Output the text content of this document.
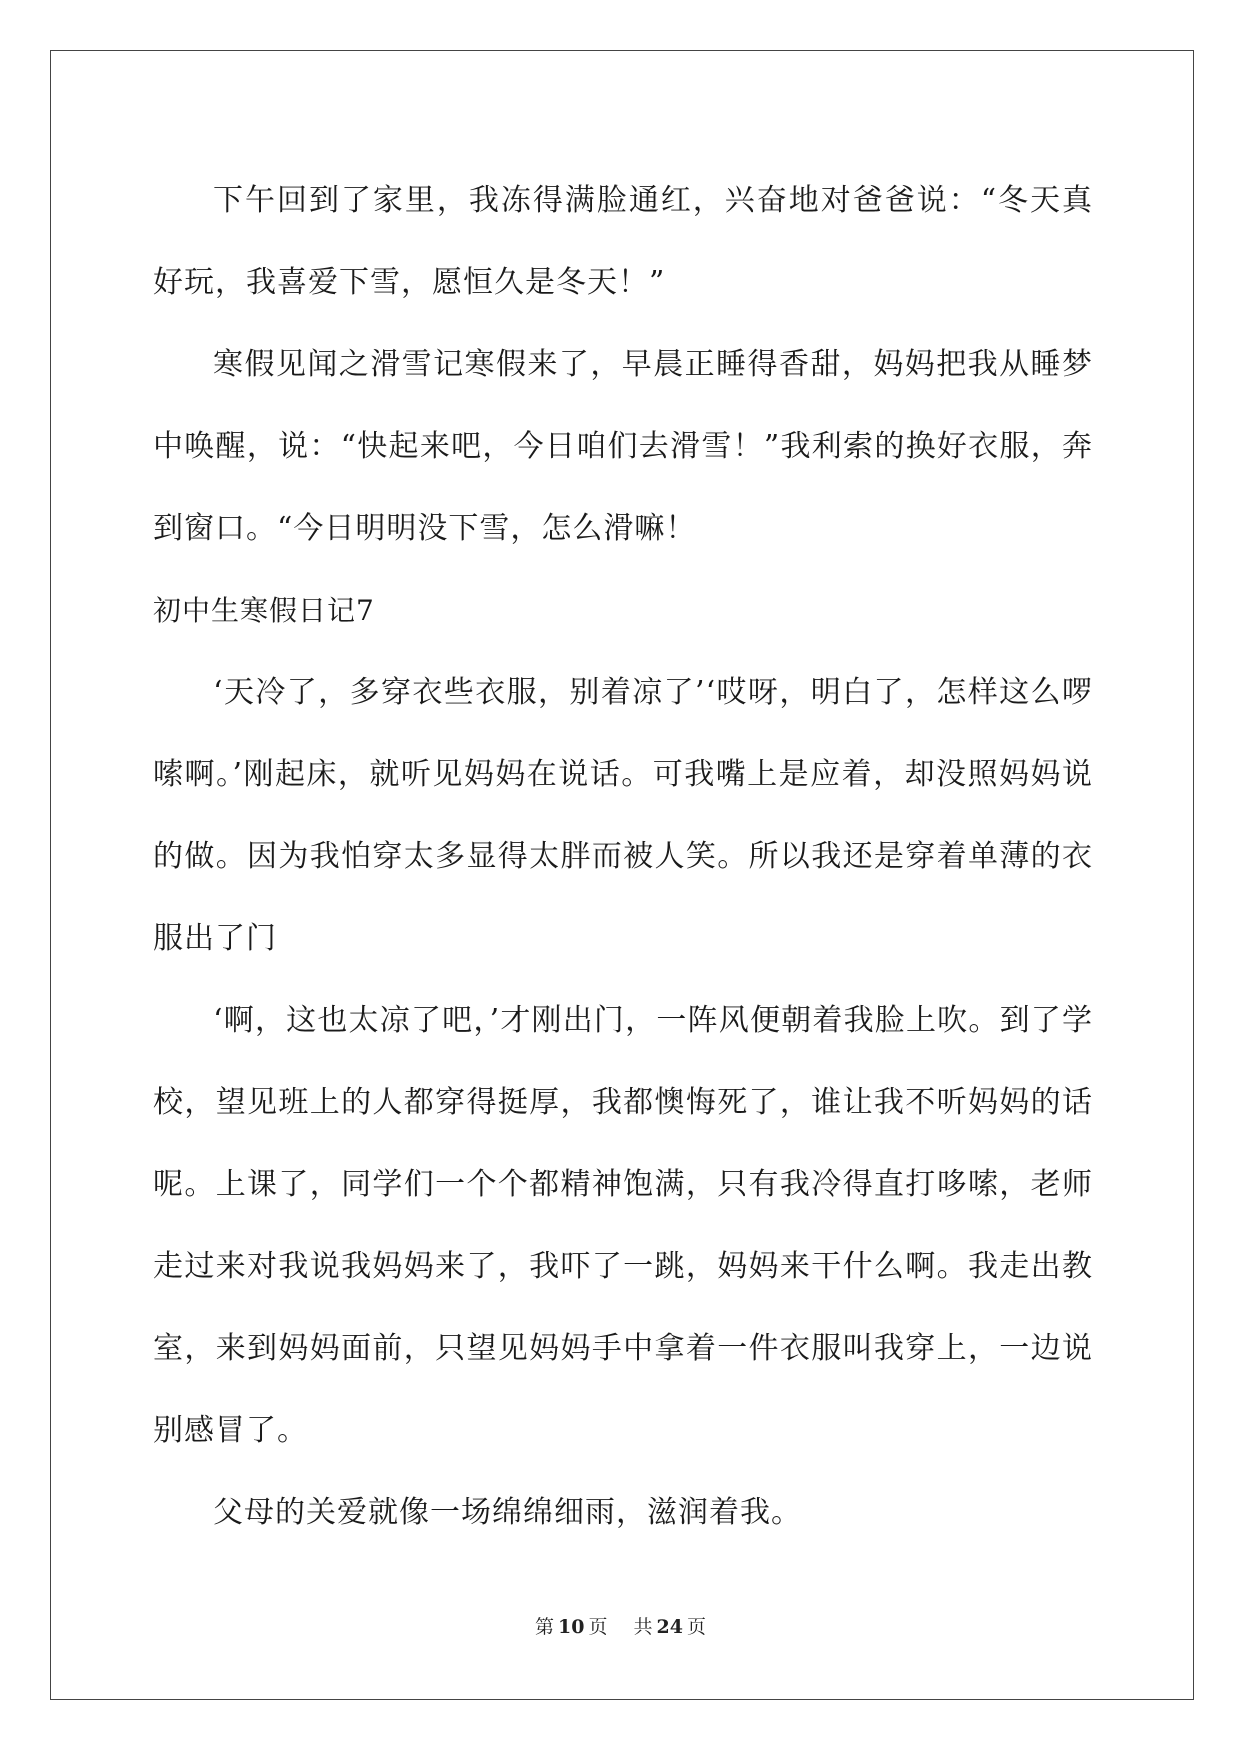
下午回到了家里，我冻得满脸通红，兴奋地对爸爸说：“冬天真好玩，我喜爱下雪，愿恒久是冬天！”

寒假见闻之滑雪记寒假来了，早晨正睡得香甜，妈妈把我从睡梦中唤醒，说：“快起来吧，今日咱们去滑雪！”我利索的换好衣服，奔到窗口。“今日明明没下雪，怎么滑嘛！

初中生寒假日记7

‘天冷了，多穿衣些衣服，别着凉了’‘哎呀，明白了，怎样这么啰嗦啊。’刚起床，就听见妈妈在说话。可我嘴上是应着，却没照妈妈说的做。因为我怕穿太多显得太胖而被人笑。所以我还是穿着单薄的衣服出了门

‘啊，这也太凉了吧，’才刚出门，一阵风便朝着我脸上吹。到了学校，望见班上的人都穿得挺厚，我都懊悔死了，谁让我不听妈妈的话呢。上课了，同学们一个个都精神饱满，只有我冷得直打哆嗦，老师走过来对我说我妈妈来了，我吓了一跳，妈妈来干什么啊。我走出教室，来到妈妈面前，只望见妈妈手中拿着一件衣服叫我穿上，一边说别感冒了。

父母的关爱就像一场绵绵细雨，滋润着我。

第 10 页 共 24 页
